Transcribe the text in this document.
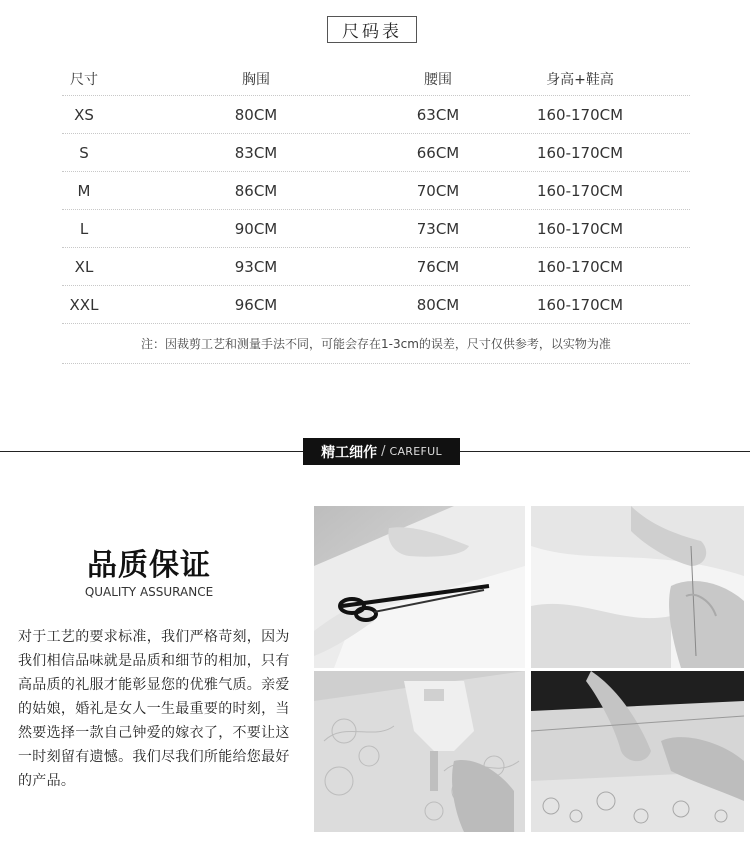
尺码表
尺寸	胸围	腰围	身高+鞋高
XS	80CM	63CM	160-170CM
S	83CM	66CM	160-170CM
M	86CM	70CM	160-170CM
L	90CM	73CM	160-170CM
XL	93CM	76CM	160-170CM
XXL	96CM	80CM	160-170CM
注：因裁剪工艺和测量手法不同，可能会存在1-3cm的误差，尺寸仅供参考，以实物为准
精工细作 / CAREFUL
品质保证
QUALITY ASSURANCE
对于工艺的要求标准，我们严格苛刻，因为我们相信品味就是品质和细节的相加，只有高品质的礼服才能彰显您的优雅气质。亲爱的姑娘，婚礼是女人一生最重要的时刻，当然要选择一款自己钟爱的嫁衣了，不要让这一时刻留有遗憾。我们尽我们所能给您最好的产品。
